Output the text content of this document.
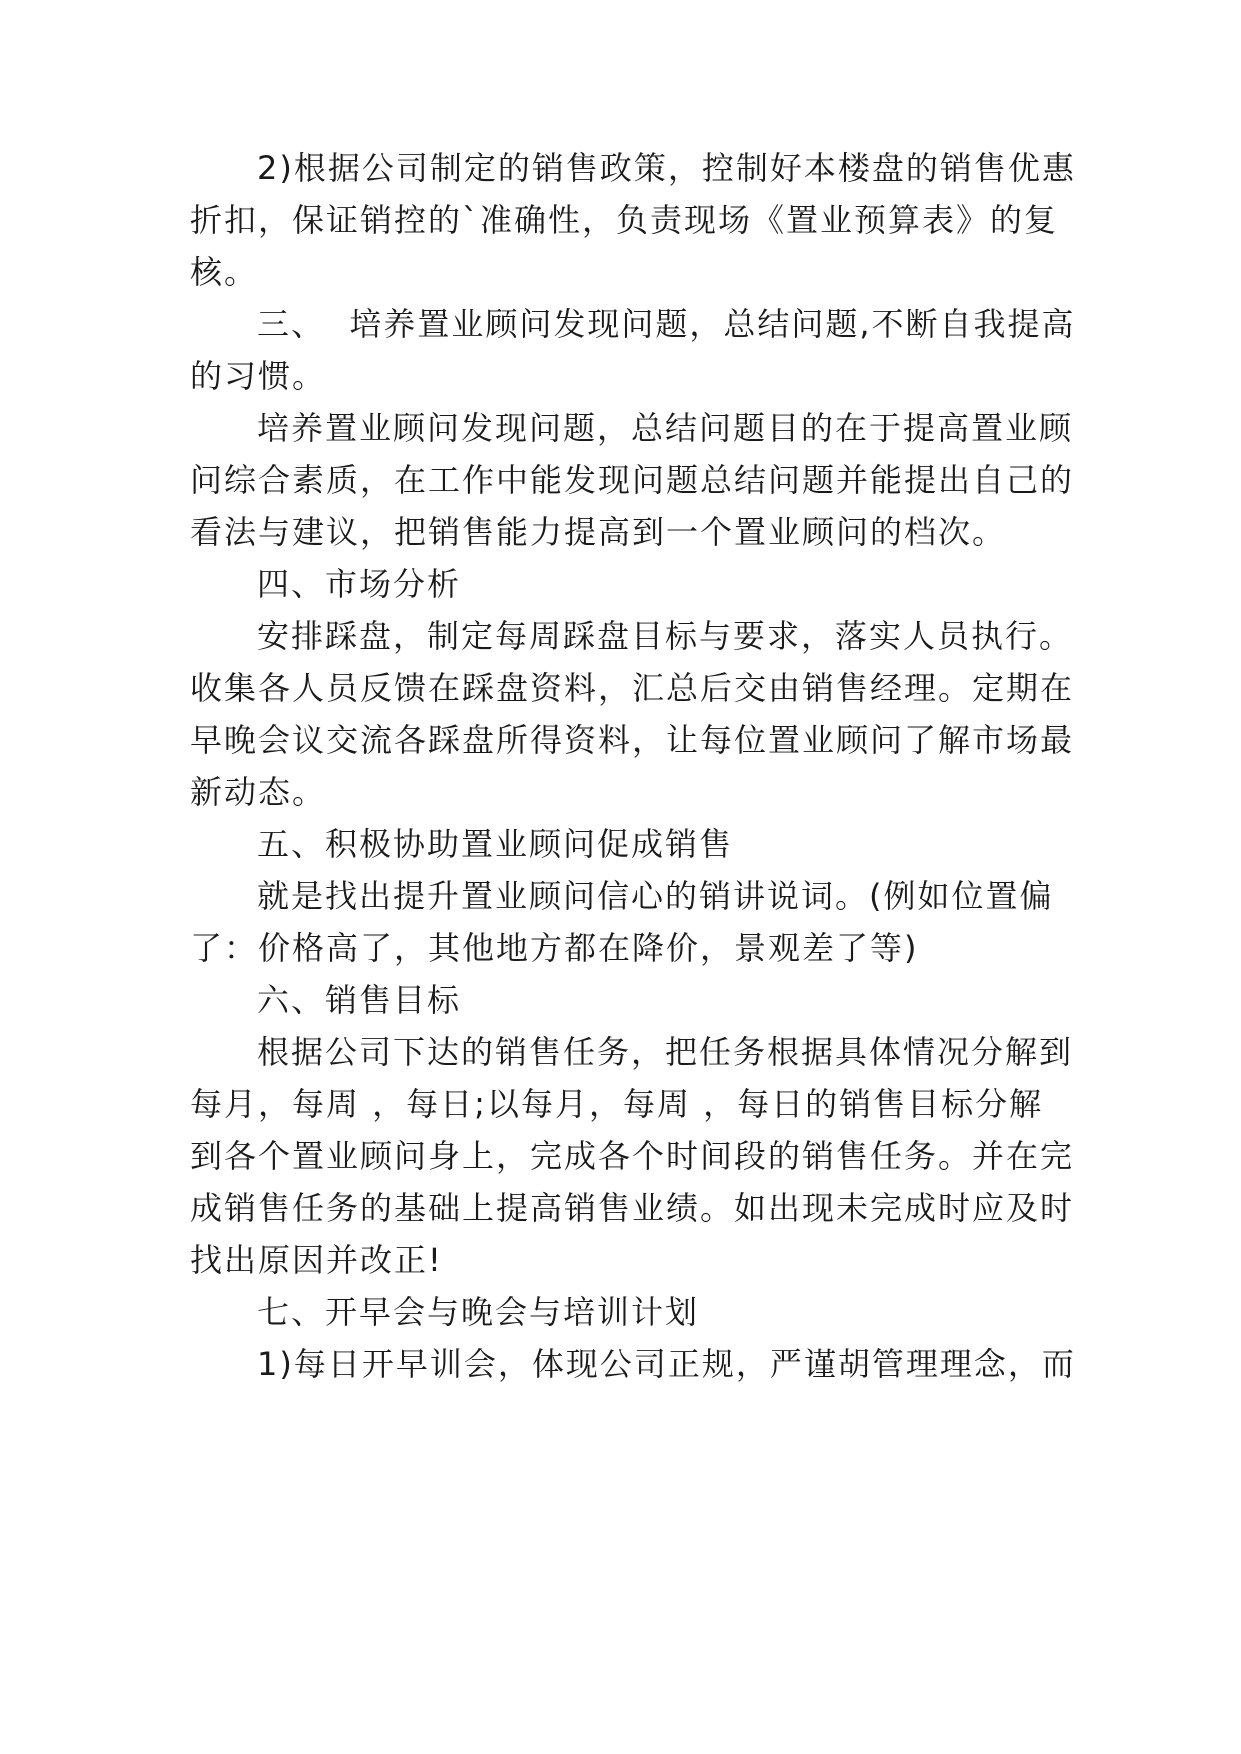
2)根据公司制定的销售政策，控制好本楼盘的销售优惠
折扣，保证销控的`准确性，负责现场《置业预算表》的复
核。
三、  培养置业顾问发现问题，总结问题,不断自我提高
的习惯。
培养置业顾问发现问题，总结问题目的在于提高置业顾
问综合素质，在工作中能发现问题总结问题并能提出自己的
看法与建议，把销售能力提高到一个置业顾问的档次。
四、市场分析
安排踩盘，制定每周踩盘目标与要求，落实人员执行。
收集各人员反馈在踩盘资料，汇总后交由销售经理。定期在
早晚会议交流各踩盘所得资料，让每位置业顾问了解市场最
新动态。
五、积极协助置业顾问促成销售
就是找出提升置业顾问信心的销讲说词。(例如位置偏
了：价格高了，其他地方都在降价，景观差了等)
六、销售目标
根据公司下达的销售任务，把任务根据具体情况分解到
每月，每周 ，每日;以每月，每周 ，每日的销售目标分解
到各个置业顾问身上，完成各个时间段的销售任务。并在完
成销售任务的基础上提高销售业绩。如出现未完成时应及时
找出原因并改正!
七、开早会与晚会与培训计划
1)每日开早训会，体现公司正规，严谨胡管理理念，而
